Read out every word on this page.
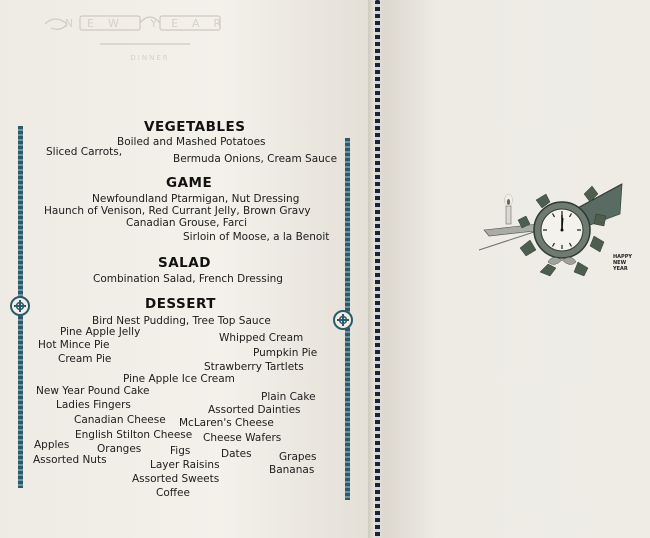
NEW YEAR
DINNER
VEGETABLES

Boiled and Mashed Potatoes

Sliced Carrots,

Bermuda Onions, Cream Sauce

GAME

Newfoundland Ptarmigan, Nut Dressing

Haunch of Venison, Red Currant Jelly, Brown Gravy

Canadian Grouse, Farci

Sirloin of Moose, a la Benoit

SALAD

Combination Salad, French Dressing

DESSERT

Bird Nest Pudding, Tree Top Sauce

Pine Apple Jelly	Whipped Cream

Hot Mince Pie

Pumpkin Pie

Cream Pie

Strawberry Tartlets

Pine Apple Ice Cream

New Year Pound Cake	Plain Cake

Ladies Fingers	Assorted Dainties

Canadian Cheese McLaren's Cheese

English Stilton Cheese Cheese Wafers

Apples	Oranges	Figs	Dates	Grapes

Assorted Nuts	Layer Raisins	Bananas

Assorted Sweets

Coffee

HAPPY
NEW
YEAR
